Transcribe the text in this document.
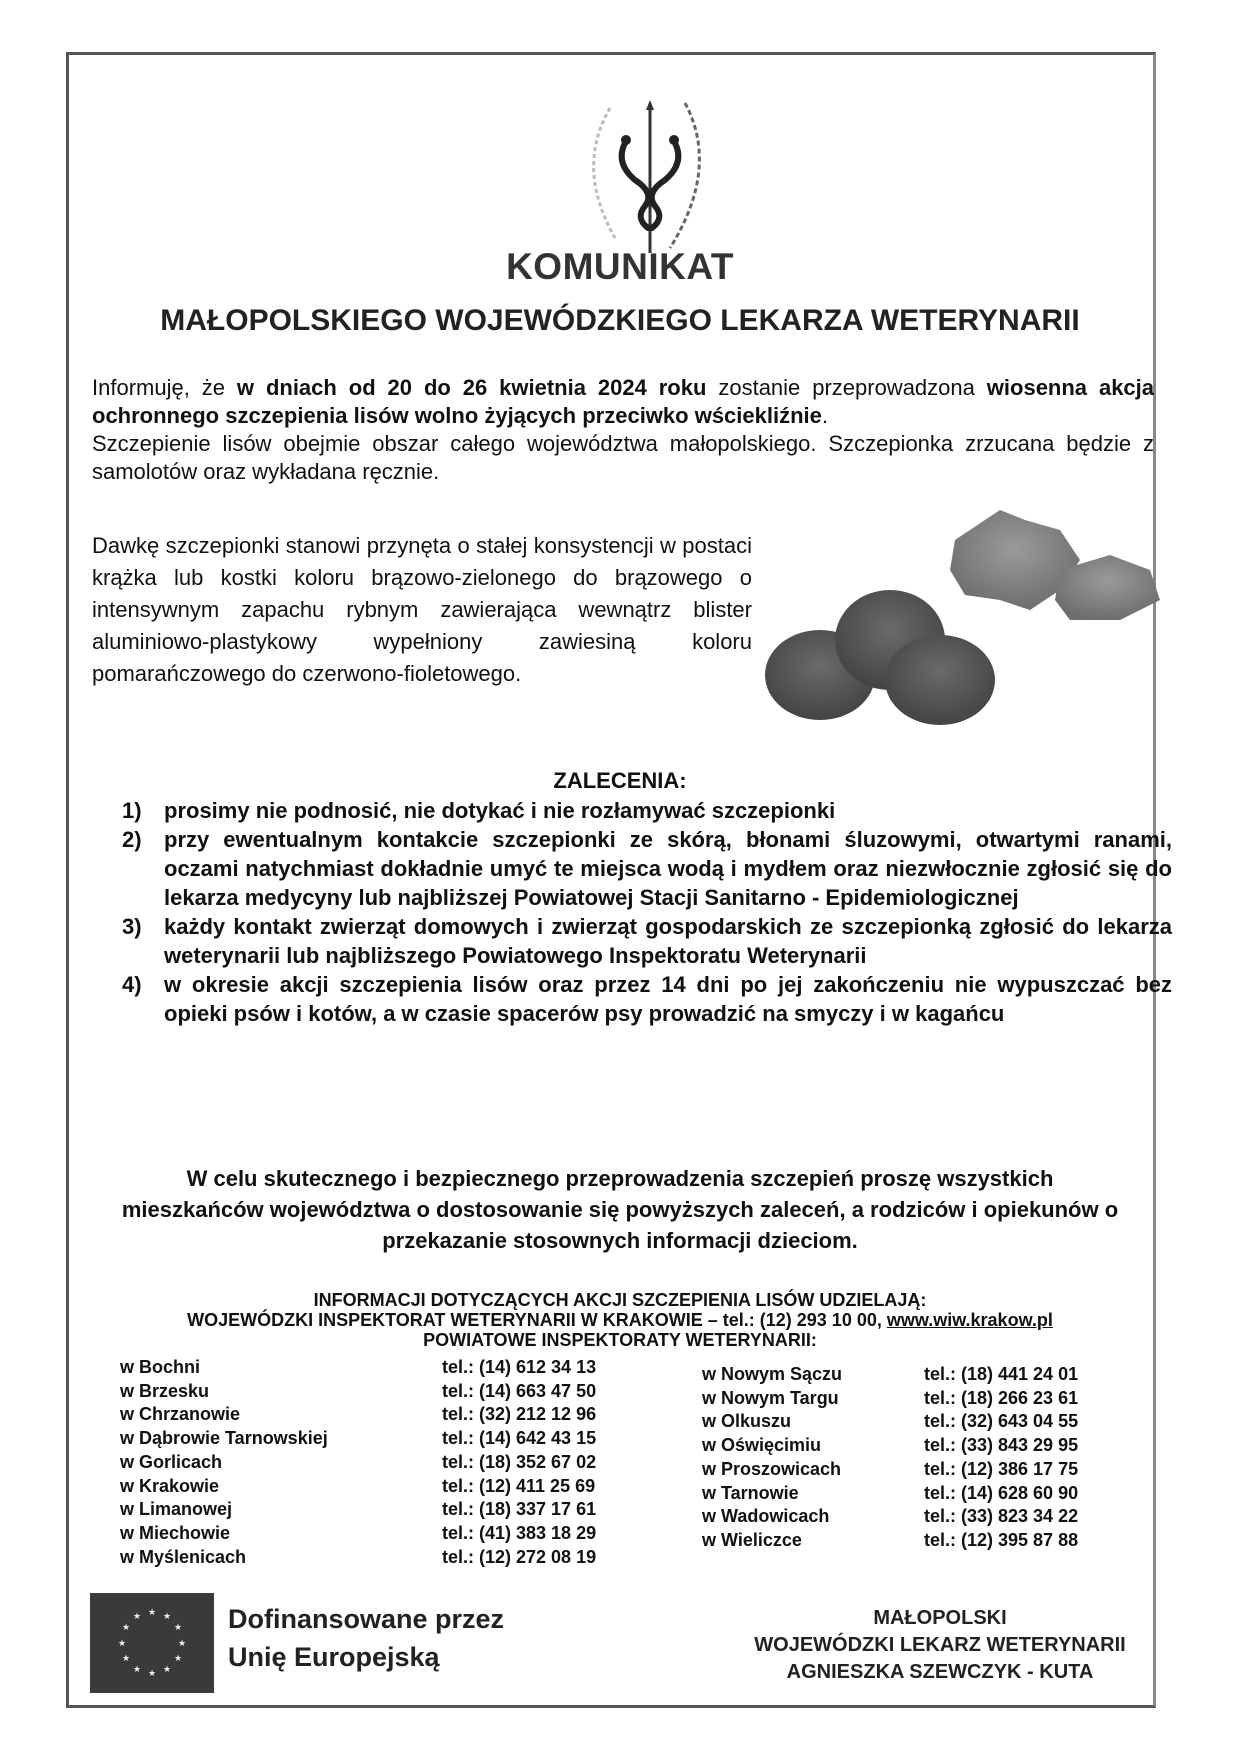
KOMUNIKAT
MAŁOPOLSKIEGO WOJEWÓDZKIEGO LEKARZA WETERYNARII
Informuję, że w dniach od 20 do 26 kwietnia 2024 roku zostanie przeprowadzona wiosenna akcja ochronnego szczepienia lisów wolno żyjących przeciwko wściekliźnie.
Szczepienie lisów obejmie obszar całego województwa małopolskiego. Szczepionka zrzucana będzie z samolotów oraz wykładana ręcznie.
Dawkę szczepionki stanowi przynęta o stałej konsystencji w postaci krążka lub kostki koloru brązowo-zielonego do brązowego o intensywnym zapachu rybnym zawierająca wewnątrz blister aluminiowo-plastykowy wypełniony zawiesiną koloru pomarańczowego do czerwono-fioletowego.
ZALECENIA:
1)	prosimy nie podnosić, nie dotykać i nie rozłamywać szczepionki
2)	przy ewentualnym kontakcie szczepionki ze skórą, błonami śluzowymi, otwartymi ranami, oczami natychmiast dokładnie umyć te miejsca wodą i mydłem oraz niezwłocznie zgłosić się do lekarza medycyny lub najbliższej Powiatowej Stacji Sanitarno - Epidemiologicznej
3)	każdy kontakt zwierząt domowych i zwierząt gospodarskich ze szczepionką zgłosić do lekarza weterynarii lub najbliższego Powiatowego Inspektoratu Weterynarii
4)	w okresie akcji szczepienia lisów oraz przez 14 dni po jej zakończeniu nie wypuszczać bez opieki psów i kotów, a w czasie spacerów psy prowadzić na smyczy i w kagańcu
W celu skutecznego i bezpiecznego przeprowadzenia szczepień proszę wszystkich mieszkańców województwa o dostosowanie się powyższych zaleceń, a rodziców i opiekunów o przekazanie stosownych informacji dzieciom.
INFORMACJI DOTYCZĄCYCH AKCJI SZCZEPIENIA LISÓW UDZIELAJĄ:
WOJEWÓDZKI INSPEKTORAT WETERYNARII W KRAKOWIE – tel.: (12) 293 10 00, www.wiw.krakow.pl
POWIATOWE INSPEKTORATY WETERYNARII:
w Bochni	tel.: (14) 612 34 13
w Brzesku	tel.: (14) 663 47 50
w Chrzanowie	tel.: (32) 212 12 96
w Dąbrowie Tarnowskiej	tel.: (14) 642 43 15
w Gorlicach	tel.: (18) 352 67 02
w Krakowie	tel.: (12) 411 25 69
w Limanowej	tel.: (18) 337 17 61
w Miechowie	tel.: (41) 383 18 29
w Myślenicach	tel.: (12) 272 08 19
w Nowym Sączu	tel.: (18) 441 24 01
w Nowym Targu	tel.: (18) 266 23 61
w Olkuszu	tel.: (32) 643 04 55
w Oświęcimiu	tel.: (33) 843 29 95
w Proszowicach	tel.: (12) 386 17 75
w Tarnowie	tel.: (14) 628 60 90
w Wadowicach	tel.: (33) 823 34 22
w Wieliczce	tel.: (12) 395 87 88
★ ★
★
★
★
★
★
★
★
★
★
★	Dofinansowane przez
Unię Europejską
MAŁOPOLSKI
WOJEWÓDZKI LEKARZ WETERYNARII
AGNIESZKA SZEWCZYK - KUTA
